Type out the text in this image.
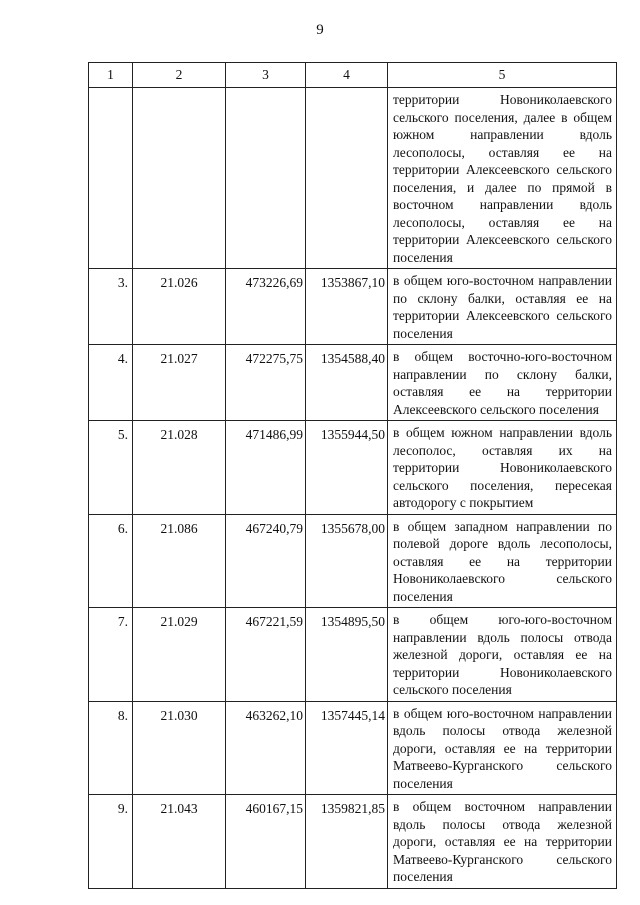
9
1	2	3	4	5
				территории Новониколаевского сельского поселения, далее в общем южном направлении вдоль лесополосы, оставляя ее на территории Алексеевского сельского поселения, и далее по прямой в восточном направлении вдоль лесополосы, оставляя ее на территории Алексеевского сельского поселения
3.	21.026	473226,69	1353867,10	в общем юго-восточном направлении по склону балки, оставляя ее на территории Алексеевского сельского поселения
4.	21.027	472275,75	1354588,40	в общем восточно-юго-восточном направлении по склону балки, оставляя ее на территории Алексеевского сельского поселения
5.	21.028	471486,99	1355944,50	в общем южном направлении вдоль лесополос, оставляя их на территории Новониколаевского сельского поселения, пересекая автодорогу с покрытием
6.	21.086	467240,79	1355678,00	в общем западном направлении по полевой дороге вдоль лесополосы, оставляя ее на территории Новониколаевского сельского поселения
7.	21.029	467221,59	1354895,50	в общем юго-юго-восточном направлении вдоль полосы отвода железной дороги, оставляя ее на территории Новониколаевского сельского поселения
8.	21.030	463262,10	1357445,14	в общем юго-восточном направлении вдоль полосы отвода железной дороги, оставляя ее на территории Матвеево-Курганского сельского поселения
9.	21.043	460167,15	1359821,85	в общем восточном направлении вдоль полосы отвода железной дороги, оставляя ее на территории Матвеево-Курганского сельского поселения
